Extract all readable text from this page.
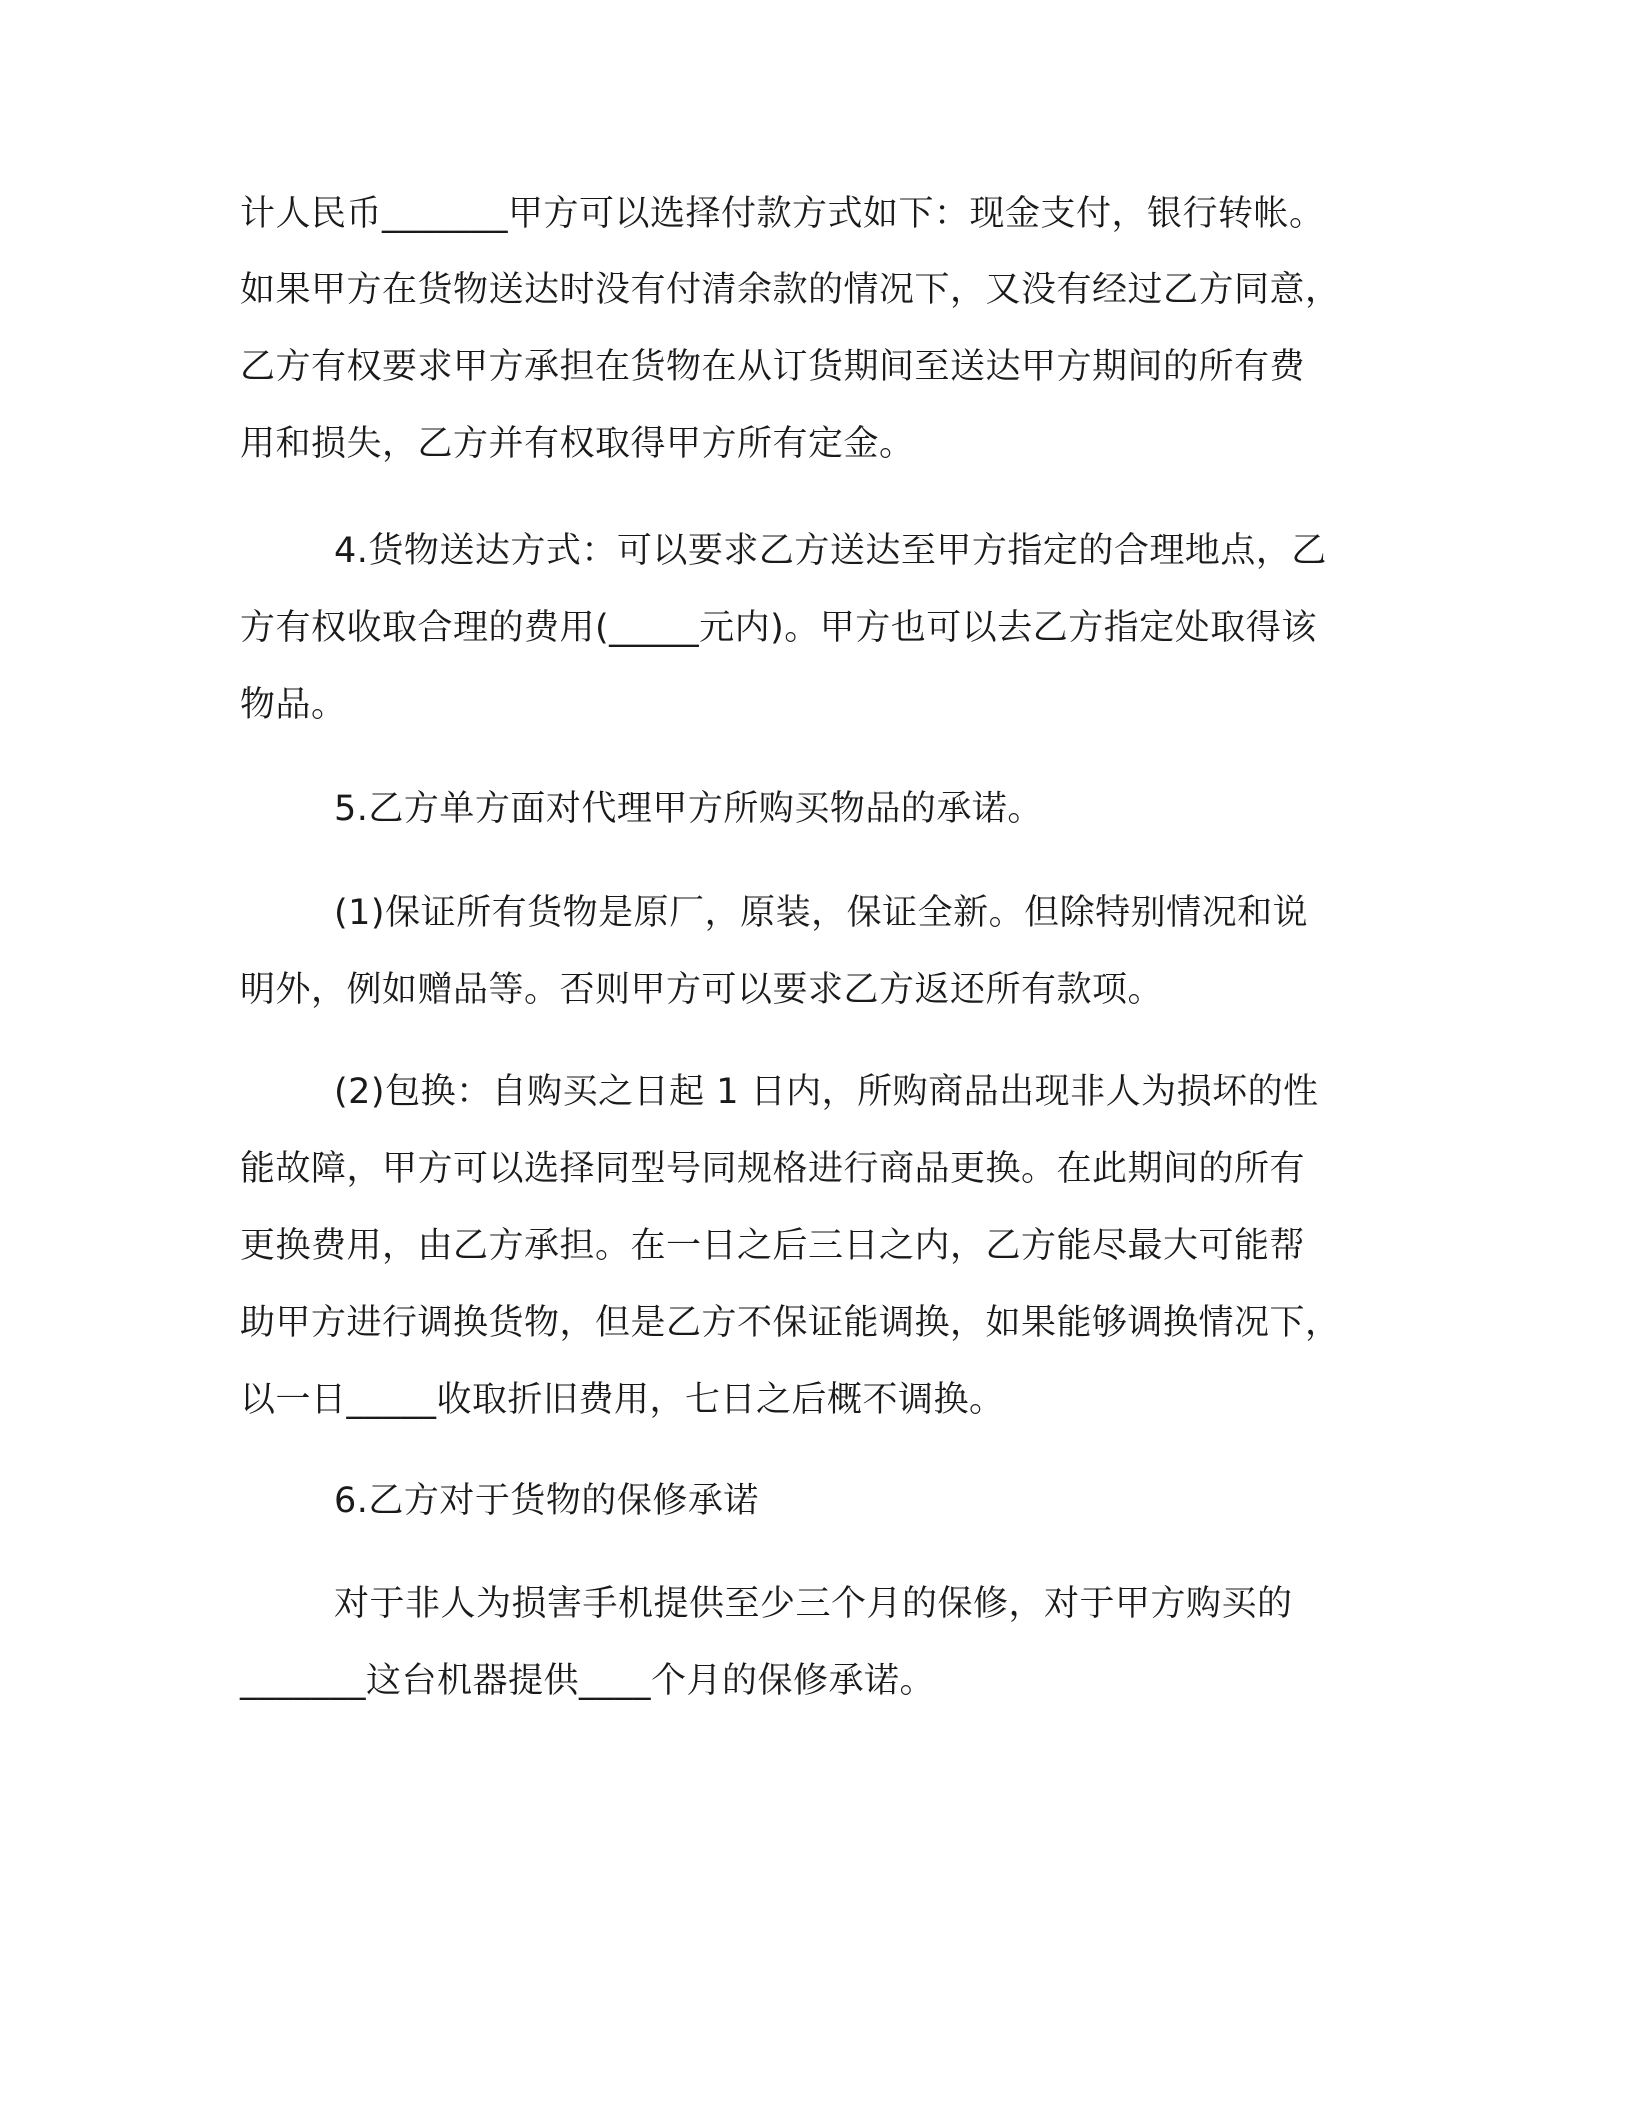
计人民币_______甲方可以选择付款方式如下：现金支付，银行转帐。
如果甲方在货物送达时没有付清余款的情况下，又没有经过乙方同意，
乙方有权要求甲方承担在货物在从订货期间至送达甲方期间的所有费
用和损失，乙方并有权取得甲方所有定金。
4.货物送达方式：可以要求乙方送达至甲方指定的合理地点，乙
方有权收取合理的费用(_____元内)。甲方也可以去乙方指定处取得该
物品。
5.乙方单方面对代理甲方所购买物品的承诺。
(1)保证所有货物是原厂，原装，保证全新。但除特别情况和说
明外，例如赠品等。否则甲方可以要求乙方返还所有款项。
(2)包换：自购买之日起 1 日内，所购商品出现非人为损坏的性
能故障，甲方可以选择同型号同规格进行商品更换。在此期间的所有
更换费用，由乙方承担。在一日之后三日之内，乙方能尽最大可能帮
助甲方进行调换货物，但是乙方不保证能调换，如果能够调换情况下，
以一日_____收取折旧费用，七日之后概不调换。
6.乙方对于货物的保修承诺
对于非人为损害手机提供至少三个月的保修，对于甲方购买的
_______这台机器提供____个月的保修承诺。
